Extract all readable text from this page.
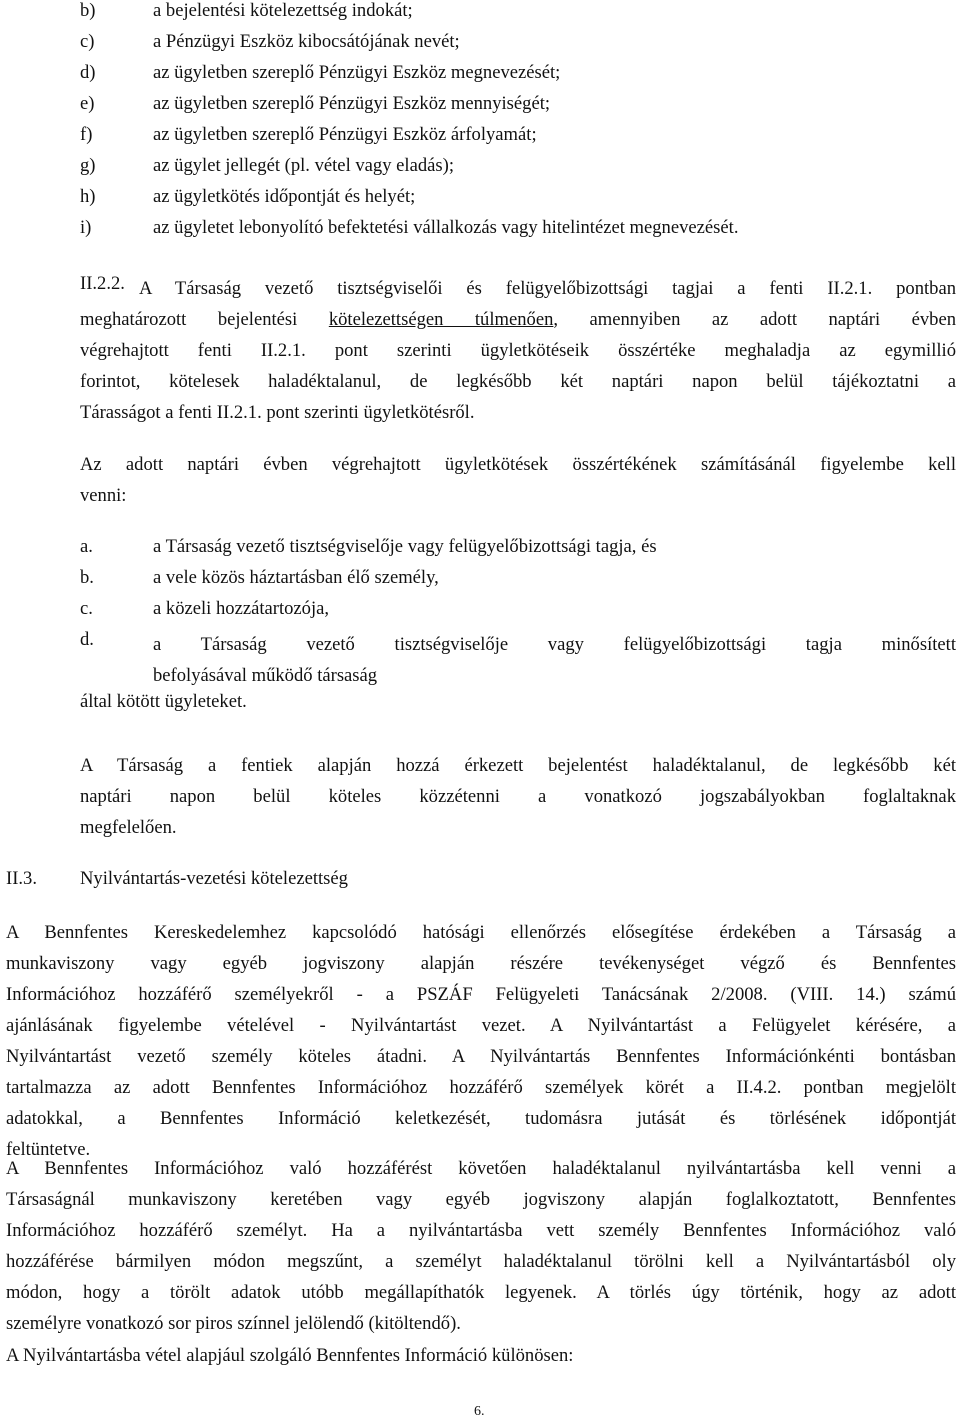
b)	a bejelentési kötelezettség indokát;
c)	a Pénzügyi Eszköz kibocsátójának nevét;
d)	az ügyletben szereplő Pénzügyi Eszköz megnevezését;
e)	az ügyletben szereplő Pénzügyi Eszköz mennyiségét;
f)	az ügyletben szereplő Pénzügyi Eszköz árfolyamát;
g)	az ügylet jellegét (pl. vétel vagy eladás);
h)	az ügyletkötés időpontját és helyét;
i)	az ügyletet lebonyolító befektetési vállalkozás vagy hitelintézet megnevezését.
II.2.2. A Társaság vezető tisztségviselői és felügyelőbizottsági tagjai a fenti II.2.1. pontban
meghatározott bejelentési kötelezettségen túlmenően, amennyiben az adott naptári évben
végrehajtott fenti II.2.1. pont szerinti ügyletkötéseik összértéke meghaladja az egymillió
forintot, kötelesek haladéktalanul, de legkésőbb két naptári napon belül tájékoztatni a
Tárasságot a fenti II.2.1. pont szerinti ügyletkötésről.
Az adott naptári évben végrehajtott ügyletkötések összértékének számításánál figyelembe kell
venni:
a.	a Társaság vezető tisztségviselője vagy felügyelőbizottsági tagja, és
b.	a vele közös háztartásban élő személy,
c.	a közeli hozzátartozója,
d.	a Társaság vezető tisztségviselője vagy felügyelőbizottsági tagja minősített
befolyásával működő társaság
által kötött ügyleteket.
A Társaság a fentiek alapján hozzá érkezett bejelentést haladéktalanul, de legkésőbb két
naptári napon belül köteles közzétenni a vonatkozó jogszabályokban foglaltaknak
megfelelően.
II.3. Nyilvántartás-vezetési kötelezettség
A Bennfentes Kereskedelemhez kapcsolódó hatósági ellenőrzés elősegítése érdekében a Társaság a
munkaviszony vagy egyéb jogviszony alapján részére tevékenységet végző és Bennfentes
Információhoz hozzáférő személyekről - a PSZÁF Felügyeleti Tanácsának 2/2008. (VIII. 14.) számú
ajánlásának figyelembe vételével - Nyilvántartást vezet. A Nyilvántartást a Felügyelet kérésére, a
Nyilvántartást vezető személy köteles átadni. A Nyilvántartás Bennfentes Információnkénti bontásban
tartalmazza az adott Bennfentes Információhoz hozzáférő személyek körét a II.4.2. pontban megjelölt
adatokkal, a Bennfentes Információ keletkezését, tudomásra jutását és törlésének időpontját
feltüntetve.
A Bennfentes Információhoz való hozzáférést követően haladéktalanul nyilvántartásba kell venni a
Társaságnál munkaviszony keretében vagy egyéb jogviszony alapján foglalkoztatott, Bennfentes
Információhoz hozzáférő személyt. Ha a nyilvántartásba vett személy Bennfentes Információhoz való
hozzáférése bármilyen módon megszűnt, a személyt haladéktalanul törölni kell a Nyilvántartásból oly
módon, hogy a törölt adatok utóbb megállapíthatók legyenek. A törlés úgy történik, hogy az adott
személyre vonatkozó sor piros színnel jelölendő (kitöltendő).
A Nyilvántartásba vétel alapjául szolgáló Bennfentes Információ különösen:
6.
